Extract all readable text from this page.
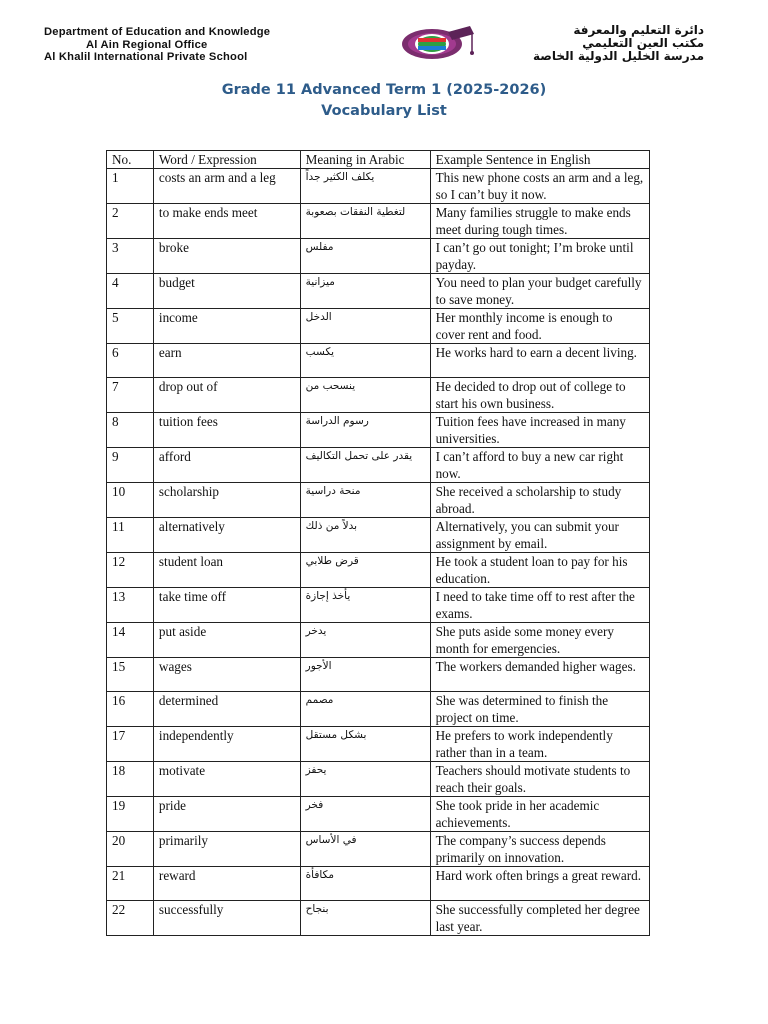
Department of Education and Knowledge
Al Ain Regional Office
Al Khalil International Private School
دائرة التعليم والمعرفة
مكتب العين التعليمي
مدرسة الخليل الدولية الخاصة
Grade 11 Advanced Term 1 (2025-2026)
Vocabulary List
No.	Word / Expression	Meaning in Arabic	Example Sentence in English
1	costs an arm and a leg	يكلف الكثير جداً	This new phone costs an arm and a leg, so I can’t buy it now.
2	to make ends meet	لتغطية النفقات بصعوبة	Many families struggle to make ends meet during tough times.
3	broke	مفلس	I can’t go out tonight; I’m broke until payday.
4	budget	ميزانية	You need to plan your budget carefully to save money.
5	income	الدخل	Her monthly income is enough to cover rent and food.
6	earn	يكسب	He works hard to earn a decent living.
7	drop out of	ينسحب من	He decided to drop out of college to start his own business.
8	tuition fees	رسوم الدراسة	Tuition fees have increased in many universities.
9	afford	يقدر على تحمل التكاليف	I can’t afford to buy a new car right now.
10	scholarship	منحة دراسية	She received a scholarship to study abroad.
11	alternatively	بدلاً من ذلك	Alternatively, you can submit your assignment by email.
12	student loan	قرض طلابي	He took a student loan to pay for his education.
13	take time off	يأخذ إجازة	I need to take time off to rest after the exams.
14	put aside	يدخر	She puts aside some money every month for emergencies.
15	wages	الأجور	The workers demanded higher wages.
16	determined	مصمم	She was determined to finish the project on time.
17	independently	بشكل مستقل	He prefers to work independently rather than in a team.
18	motivate	يحفز	Teachers should motivate students to reach their goals.
19	pride	فخر	She took pride in her academic achievements.
20	primarily	في الأساس	The company’s success depends primarily on innovation.
21	reward	مكافأة	Hard work often brings a great reward.
22	successfully	بنجاح	She successfully completed her degree last year.
